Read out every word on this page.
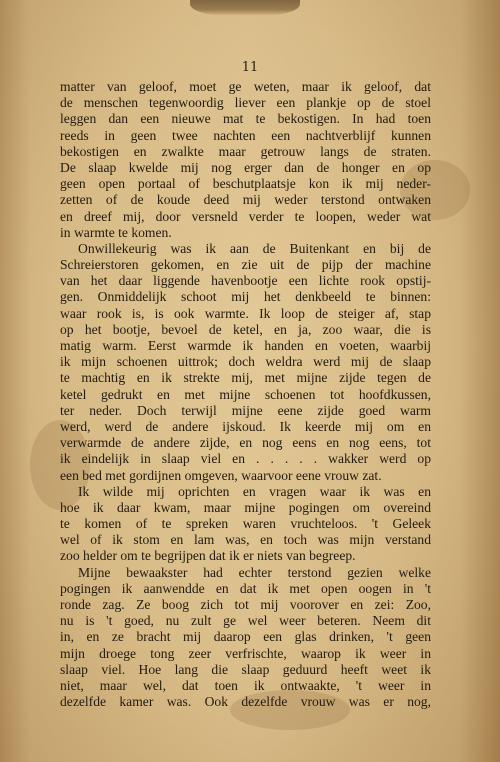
11
matter van geloof, moet ge weten, maar ik geloof, dat
de menschen tegenwoordig liever een plankje op de stoel
leggen dan een nieuwe mat te bekostigen. In had toen
reeds in geen twee nachten een nachtverblijf kunnen
bekostigen en zwalkte maar getrouw langs de straten.
De slaap kwelde mij nog erger dan de honger en op
geen open portaal of beschutplaatsje kon ik mij neder-
zetten of de koude deed mij weder terstond ontwaken
en dreef mij, door versneld verder te loopen, weder wat
in warmte te komen.
Onwillekeurig was ik aan de Buitenkant en bij de
Schreierstoren gekomen, en zie uit de pijp der machine
van het daar liggende havenbootje een lichte rook opstij-
gen. Onmiddelijk schoot mij het denkbeeld te binnen:
waar rook is, is ook warmte. Ik loop de steiger af, stap
op het bootje, bevoel de ketel, en ja, zoo waar, die is
matig warm. Eerst warmde ik handen en voeten, waarbij
ik mijn schoenen uittrok; doch weldra werd mij de slaap
te machtig en ik strekte mij, met mijne zijde tegen de
ketel gedrukt en met mijne schoenen tot hoofdkussen,
ter neder. Doch terwijl mijne eene zijde goed warm
werd, werd de andere ijskoud. Ik keerde mij om en
verwarmde de andere zijde, en nog eens en nog eens, tot
ik eindelijk in slaap viel en . . . . . wakker werd op
een bed met gordijnen omgeven, waarvoor eene vrouw zat.
Ik wilde mij oprichten en vragen waar ik was en
hoe ik daar kwam, maar mijne pogingen om overeind
te komen of te spreken waren vruchteloos. 't Geleek
wel of ik stom en lam was, en toch was mijn verstand
zoo helder om te begrijpen dat ik er niets van begreep.
Mijne bewaakster had echter terstond gezien welke
pogingen ik aanwendde en dat ik met open oogen in 't
ronde zag. Ze boog zich tot mij voorover en zei: Zoo,
nu is 't goed, nu zult ge wel weer beteren. Neem dit
in, en ze bracht mij daarop een glas drinken, 't geen
mijn droege tong zeer verfrischte, waarop ik weer in
slaap viel. Hoe lang die slaap geduurd heeft weet ik
niet, maar wel, dat toen ik ontwaakte, 't weer in
dezelfde kamer was. Ook dezelfde vrouw was er nog,
